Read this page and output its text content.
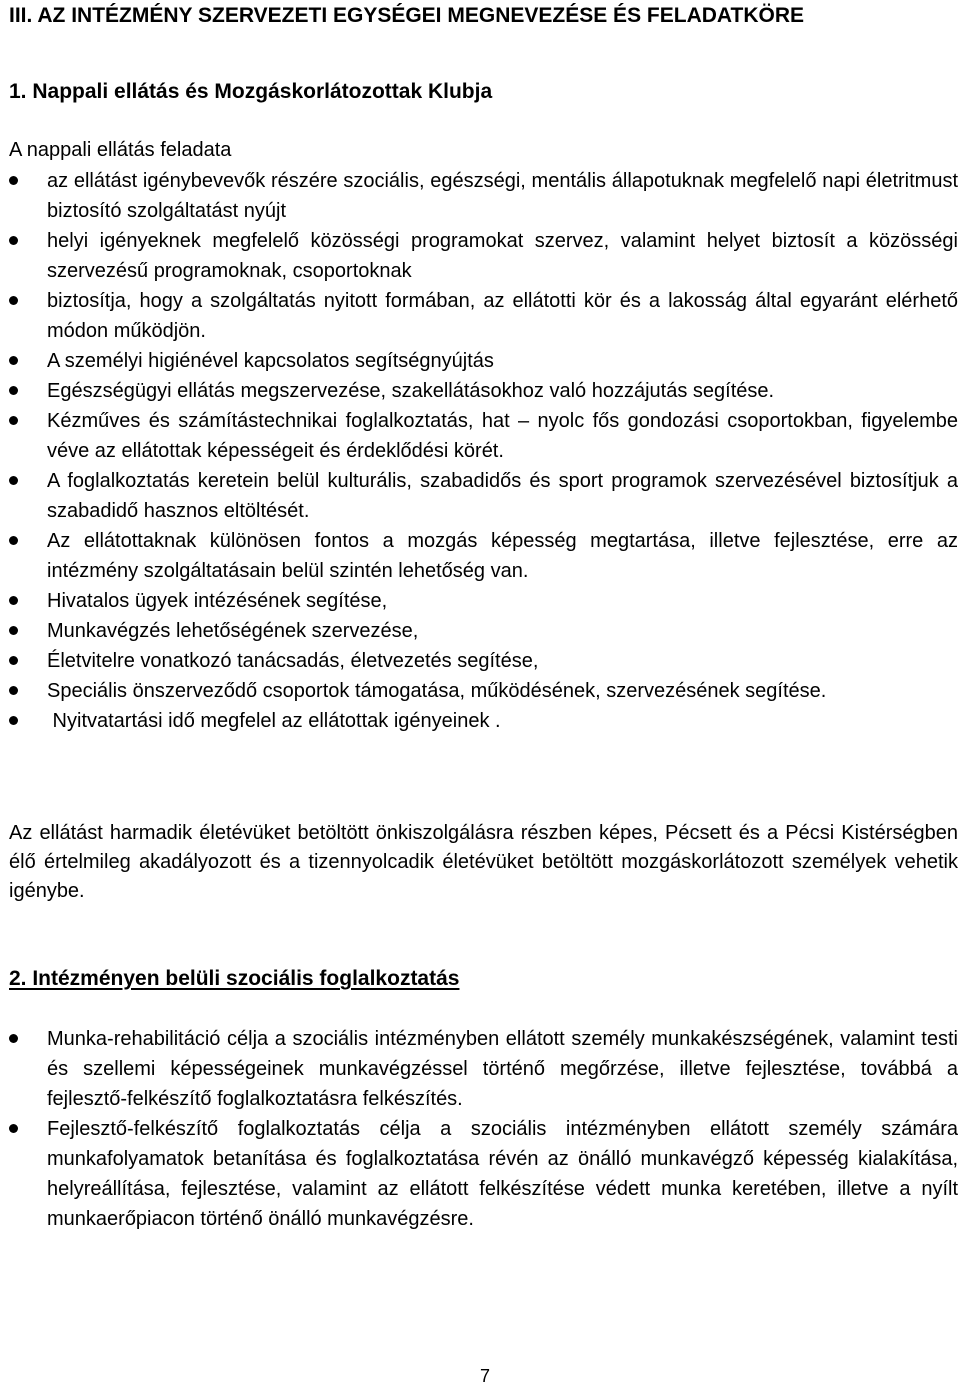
III. AZ INTÉZMÉNY SZERVEZETI EGYSÉGEI MEGNEVEZÉSE ÉS FELADATKÖRE
1. Nappali ellátás és Mozgáskorlátozottak Klubja
A nappali ellátás feladata
az ellátást igénybevevők részére szociális, egészségi, mentális állapotuknak megfelelő napi életritmust biztosító szolgáltatást nyújt
helyi igényeknek megfelelő közösségi programokat szervez, valamint helyet biztosít a közösségi szervezésű programoknak, csoportoknak
biztosítja, hogy a szolgáltatás nyitott formában, az ellátotti kör és a lakosság által egyaránt elérhető módon működjön.
A személyi higiénével kapcsolatos segítségnyújtás
Egészségügyi ellátás megszervezése, szakellátásokhoz való hozzájutás segítése.
Kézműves és számítástechnikai foglalkoztatás, hat – nyolc fős gondozási csoportokban, figyelembe véve az ellátottak képességeit és érdeklődési körét.
A foglalkoztatás keretein belül kulturális, szabadidős és sport programok szervezésével biztosítjuk a szabadidő hasznos eltöltését.
Az ellátottaknak különösen fontos a mozgás képesség megtartása, illetve fejlesztése, erre az intézmény szolgáltatásain belül szintén lehetőség van.
Hivatalos ügyek intézésének segítése,
Munkavégzés lehetőségének szervezése,
Életvitelre vonatkozó tanácsadás, életvezetés segítése,
Speciális önszerveződő csoportok támogatása, működésének, szervezésének segítése.
Nyitvatartási idő megfelel az ellátottak igényeinek .
Az ellátást harmadik életévüket betöltött önkiszolgálásra részben képes, Pécsett és a Pécsi Kistérségben élő értelmileg akadályozott és a tizennyolcadik életévüket betöltött mozgáskorlátozott személyek vehetik igénybe.
2. Intézményen belüli szociális foglalkoztatás
Munka-rehabilitáció célja a szociális intézményben ellátott személy munkakészségének, valamint testi és szellemi képességeinek munkavégzéssel történő megőrzése, illetve fejlesztése, továbbá a fejlesztő-felkészítő foglalkoztatásra felkészítés.
Fejlesztő-felkészítő foglalkoztatás célja a szociális intézményben ellátott személy számára munkafolyamatok betanítása és foglalkoztatása révén az önálló munkavégző képesség kialakítása, helyreállítása, fejlesztése, valamint az ellátott felkészítése védett munka keretében, illetve a nyílt munkaerőpiacon történő önálló munkavégzésre.
7
